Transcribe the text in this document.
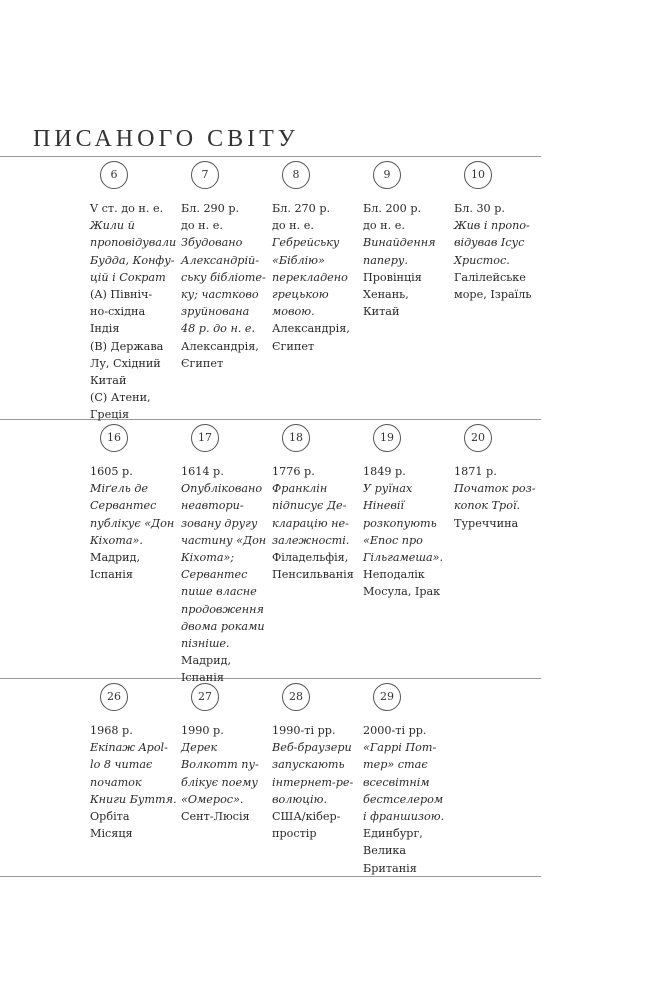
ПИСАНОГО СВІТУ
6
V ст. до н. е.
Жили й
проповідували
Будда, Конфу-
цій і Сократ
(A) Північ-
но-східна
Індія
(B) Держава
Лу, Східний
Китай
(C) Атени,
Греція
7
Бл. 290 р.
до н. е.
Збудовано
Александрій-
ську бібліоте-
ку; частково
зруйнована
48 р. до н. е.
Александрія,
Єгипет
8
Бл. 270 р.
до н. е.
Гебрейську
«Біблію»
перекладено
грецькою
мовою.
Александрія,
Єгипет
9
Бл. 200 р.
до н. е.
Винайдення
паперу.
Провінція
Хенань,
Китай
10
Бл. 30 р.
Жив і пропо-
відував Ісус
Христос.
Галілейське
море, Ізраїль
16
1605 р.
Міґель де
Сервантес
публікує «Дон
Кіхота».
Мадрид,
Іспанія
17
1614 р.
Опубліковано
неавтори-
зовану другу
частину «Дон
Кіхота»;
Сервантес
пише власне
продовження
двома роками
пізніше.
Мадрид,
Іспанія
18
1776 р.
Франклін
підписує Де-
кларацію не-
залежності.
Філадельфія,
Пенсильванія
19
1849 р.
У руїнах
Ніневії
розкопують
«Епос про
Гільгамеша».
Неподалік
Мосула, Ірак
20
1871 р.
Початок роз-
копок Трої.
Туреччина
26
1968 р.
Екіпаж Apol-
lo 8 читає
початок
Книги Буття.
Орбіта
Місяця
27
1990 р.
Дерек
Волкотт пу-
блікує поему
«Омерос».
Сент-Люсія
28
1990-ті рр.
Веб-браузери
запускають
інтернет-ре-
волюцію.
США/кібер-
простір
29
2000-ті рр.
«Гаррі Пот-
тер» стає
всесвітнім
бестселером
і франшизою.
Единбург,
Велика
Британія
